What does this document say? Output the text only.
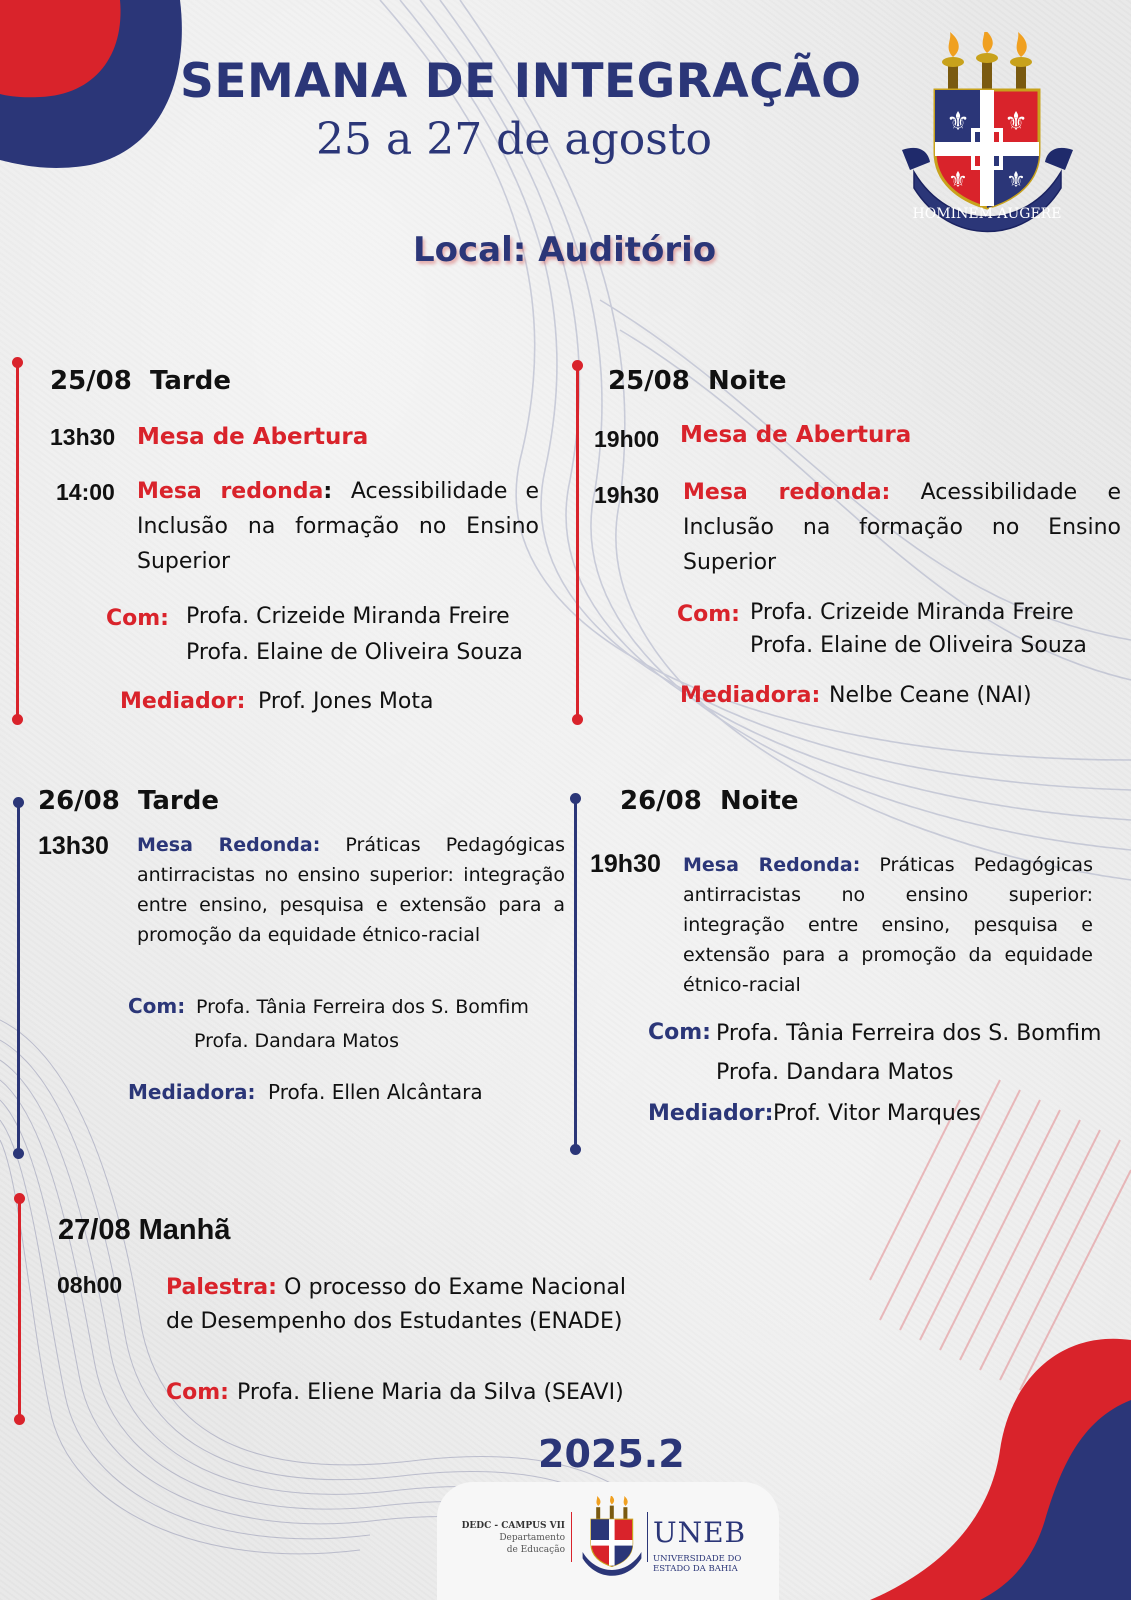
SEMANA DE INTEGRAÇÃO
25 a 27 de agosto
Local: Auditório
⚜ ⚜
⚜ ⚜
HOMINEM AUGERE
25/08  Tarde
13h30 Mesa de Abertura
14:00 Mesa redonda: Acessibilidade e Inclusão na formação no Ensino Superior
Com: Profa. Crizeide Miranda Freire
Profa. Elaine de Oliveira Souza
Mediador: Prof. Jones Mota
25/08  Noite
19h00 Mesa de Abertura
19h30 Mesa redonda: Acessibilidade e Inclusão na formação no Ensino Superior
Com: Profa. Crizeide Miranda Freire
Profa. Elaine de Oliveira Souza
Mediadora: Nelbe Ceane (NAI)
26/08  Tarde
13h30 Mesa Redonda: Práticas Pedagógicas antirracistas no ensino superior: integração entre ensino, pesquisa e extensão para a promoção da equidade étnico-racial
Com: Profa. Tânia Ferreira dos S. Bomfim
Profa. Dandara Matos
Mediadora: Profa. Ellen Alcântara
26/08  Noite
19h30 Mesa Redonda: Práticas Pedagógicas antirracistas no ensino superior: integração entre ensino, pesquisa e extensão para a promoção da equidade étnico-racial
Com: Profa. Tânia Ferreira dos S. Bomfim
Profa. Dandara Matos
Mediador: Prof. Vitor Marques
27/08 Manhã
08h00 Palestra: O processo do Exame Nacional de Desempenho dos Estudantes (ENADE)
Com: Profa. Eliene Maria da Silva (SEAVI)
2025.2
DEDC - CAMPUS VII
Departamento
de Educação
UNEB
UNIVERSIDADE DO ESTADO DA BAHIA
